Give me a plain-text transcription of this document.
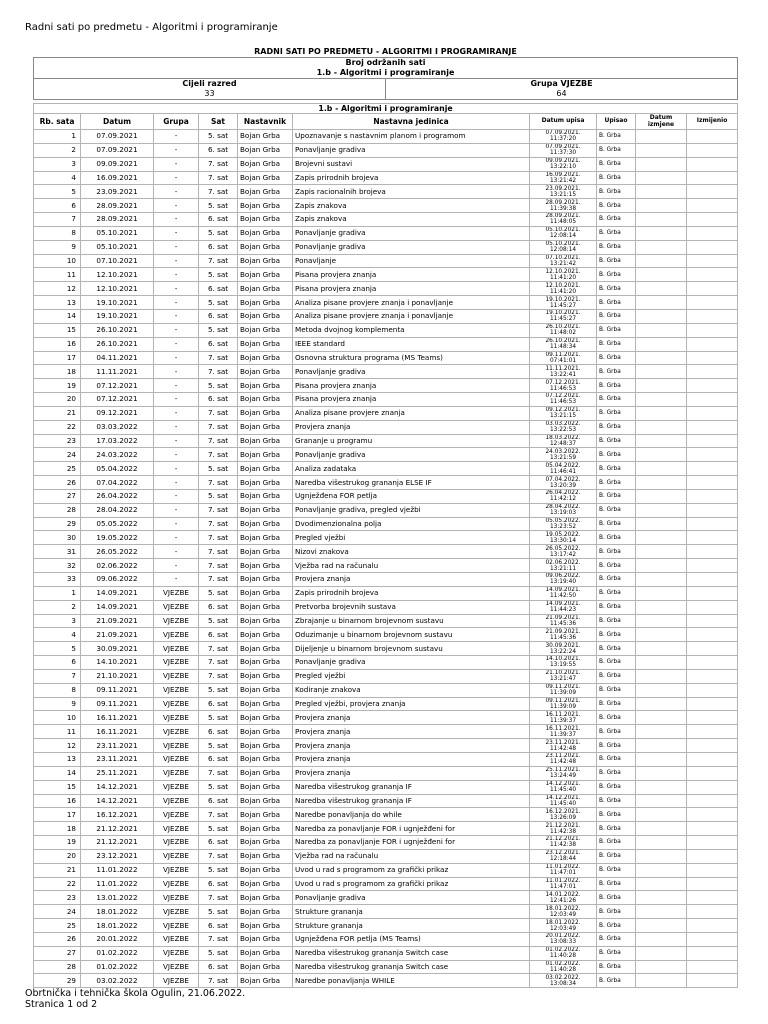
Radni sati po predmetu - Algoritmi i programiranje
RADNI SATI PO PREDMETU - ALGORITMI I PROGRAMIRANJE	
Broj održanih sati	
1.b - Algoritmi i programiranje	
Cijeli razred	Grupa VJEZBE
33	64
1.b - Algoritmi i programiranje									
Rb. sata	Datum	Grupa	Sat	Nastavnik	Nastavna jedinica	Datum upisa	Upisao	Datum izmjene	Izmijenio
1	07.09.2021	-	5. sat	Bojan Grba	Upoznavanje s nastavnim planom i programom	07.09.2021. 11:37:20	B. Grba		
2	07.09.2021	-	6. sat	Bojan Grba	Ponavljanje gradiva	07.09.2021. 11:37:30	B. Grba		
3	09.09.2021	-	7. sat	Bojan Grba	Brojevni sustavi	09.09.2021. 13:22:10	B. Grba		
4	16.09.2021	-	7. sat	Bojan Grba	Zapis prirodnih brojeva	16.09.2021. 13:21:42	B. Grba		
5	23.09.2021	-	7. sat	Bojan Grba	Zapis racionalnih brojeva	23.09.2021. 13:21:15	B. Grba		
6	28.09.2021	-	5. sat	Bojan Grba	Zapis znakova	28.09.2021. 11:39:38	B. Grba		
7	28.09.2021	-	6. sat	Bojan Grba	Zapis znakova	28.09.2021. 11:48:05	B. Grba		
8	05.10.2021	-	5. sat	Bojan Grba	Ponavljanje gradiva	05.10.2021. 12:08:14	B. Grba		
9	05.10.2021	-	6. sat	Bojan Grba	Ponavljanje gradiva	05.10.2021. 12:08:14	B. Grba		
10	07.10.2021	-	7. sat	Bojan Grba	Ponavljanje	07.10.2021. 13:21:42	B. Grba		
11	12.10.2021	-	5. sat	Bojan Grba	Pisana provjera znanja	12.10.2021. 11:41:20	B. Grba		
12	12.10.2021	-	6. sat	Bojan Grba	Pisana provjera znanja	12.10.2021. 11:41:20	B. Grba		
13	19.10.2021	-	5. sat	Bojan Grba	Analiza pisane provjere znanja i ponavljanje	19.10.2021. 11:45:27	B. Grba		
14	19.10.2021	-	6. sat	Bojan Grba	Analiza pisane provjere znanja i ponavljanje	19.10.2021. 11:45:27	B. Grba		
15	26.10.2021	-	5. sat	Bojan Grba	Metoda dvojnog komplementa	26.10.2021. 11:48:02	B. Grba		
16	26.10.2021	-	6. sat	Bojan Grba	IEEE standard	26.10.2021. 11:48:34	B. Grba		
17	04.11.2021	-	7. sat	Bojan Grba	Osnovna struktura programa (MS Teams)	09.11.2021. 07:41:01	B. Grba		
18	11.11.2021	-	7. sat	Bojan Grba	Ponavljanje gradiva	11.11.2021. 13:22:41	B. Grba		
19	07.12.2021	-	5. sat	Bojan Grba	Pisana provjera znanja	07.12.2021. 11:46:53	B. Grba		
20	07.12.2021	-	6. sat	Bojan Grba	Pisana provjera znanja	07.12.2021. 11:46:53	B. Grba		
21	09.12.2021	-	7. sat	Bojan Grba	Analiza pisane provjere znanja	09.12.2021. 13:21:15	B. Grba		
22	03.03.2022	-	7. sat	Bojan Grba	Provjera znanja	03.03.2022. 13:22:53	B. Grba		
23	17.03.2022	-	7. sat	Bojan Grba	Grananje u programu	18.03.2022. 12:48:37	B. Grba		
24	24.03.2022	-	7. sat	Bojan Grba	Ponavljanje gradiva	24.03.2022. 13:21:59	B. Grba		
25	05.04.2022	-	5. sat	Bojan Grba	Analiza zadataka	05.04.2022. 11:46:41	B. Grba		
26	07.04.2022	-	7. sat	Bojan Grba	Naredba višestrukog grananja ELSE IF	07.04.2022. 13:20:39	B. Grba		
27	26.04.2022	-	5. sat	Bojan Grba	Ugnježđena FOR petlja	26.04.2022. 11:42:12	B. Grba		
28	28.04.2022	-	7. sat	Bojan Grba	Ponavljanje gradiva, pregled vježbi	28.04.2022. 13:19:03	B. Grba		
29	05.05.2022	-	7. sat	Bojan Grba	Dvodimenzionalna polja	05.05.2022. 13:23:52	B. Grba		
30	19.05.2022	-	7. sat	Bojan Grba	Pregled vježbi	19.05.2022. 13:30:14	B. Grba		
31	26.05.2022	-	7. sat	Bojan Grba	Nizovi znakova	26.05.2022. 13:17:42	B. Grba		
32	02.06.2022	-	7. sat	Bojan Grba	Vježba rad na računalu	02.06.2022. 13:21:11	B. Grba		
33	09.06.2022	-	7. sat	Bojan Grba	Provjera znanja	09.06.2022. 13:19:40	B. Grba		
1	14.09.2021	VJEZBE	5. sat	Bojan Grba	Zapis prirodnih brojeva	14.09.2021. 11:42:50	B. Grba		
2	14.09.2021	VJEZBE	6. sat	Bojan Grba	Pretvorba brojevnih sustava	14.09.2021. 11:44:23	B. Grba		
3	21.09.2021	VJEZBE	5. sat	Bojan Grba	Zbrajanje u binarnom brojevnom sustavu	21.09.2021. 11:45:36	B. Grba		
4	21.09.2021	VJEZBE	6. sat	Bojan Grba	Oduzimanje u binarnom brojevnom sustavu	21.09.2021. 11:45:36	B. Grba		
5	30.09.2021	VJEZBE	7. sat	Bojan Grba	Dijeljenje u binarnom brojevnom sustavu	30.09.2021. 13:22:24	B. Grba		
6	14.10.2021	VJEZBE	7. sat	Bojan Grba	Ponavljanje gradiva	14.10.2021. 13:19:55	B. Grba		
7	21.10.2021	VJEZBE	7. sat	Bojan Grba	Pregled vježbi	21.10.2021. 13:21:47	B. Grba		
8	09.11.2021	VJEZBE	5. sat	Bojan Grba	Kodiranje znakova	09.11.2021. 11:39:09	B. Grba		
9	09.11.2021	VJEZBE	6. sat	Bojan Grba	Pregled vježbi, provjera znanja	09.11.2021. 11:39:09	B. Grba		
10	16.11.2021	VJEZBE	5. sat	Bojan Grba	Provjera znanja	16.11.2021. 11:39:37	B. Grba		
11	16.11.2021	VJEZBE	6. sat	Bojan Grba	Provjera znanja	16.11.2021. 11:39:37	B. Grba		
12	23.11.2021	VJEZBE	5. sat	Bojan Grba	Provjera znanja	23.11.2021. 11:42:48	B. Grba		
13	23.11.2021	VJEZBE	6. sat	Bojan Grba	Provjera znanja	23.11.2021. 11:42:48	B. Grba		
14	25.11.2021	VJEZBE	7. sat	Bojan Grba	Provjera znanja	25.11.2021. 13:24:49	B. Grba		
15	14.12.2021	VJEZBE	5. sat	Bojan Grba	Naredba višestrukog grananja IF	14.12.2021. 11:45:40	B. Grba		
16	14.12.2021	VJEZBE	6. sat	Bojan Grba	Naredba višestrukog grananja IF	14.12.2021. 11:45:40	B. Grba		
17	16.12.2021	VJEZBE	7. sat	Bojan Grba	Naredbe ponavljanja do while	16.12.2021. 13:26:09	B. Grba		
18	21.12.2021	VJEZBE	5. sat	Bojan Grba	Naredba za ponavljanje FOR i ugnježđeni for	21.12.2021. 11:42:38	B. Grba		
19	21.12.2021	VJEZBE	6. sat	Bojan Grba	Naredba za ponavljanje FOR i ugnježđeni for	21.12.2021. 11:42:38	B. Grba		
20	23.12.2021	VJEZBE	7. sat	Bojan Grba	Vježba rad na računalu	23.12.2021. 12:18:44	B. Grba		
21	11.01.2022	VJEZBE	5. sat	Bojan Grba	Uvod u rad s programom za grafički prikaz	11.01.2022. 11:47:01	B. Grba		
22	11.01.2022	VJEZBE	6. sat	Bojan Grba	Uvod u rad s programom za grafički prikaz	11.01.2022. 11:47:01	B. Grba		
23	13.01.2022	VJEZBE	7. sat	Bojan Grba	Ponavljanje gradiva	14.01.2022. 12:41:26	B. Grba		
24	18.01.2022	VJEZBE	5. sat	Bojan Grba	Strukture grananja	18.01.2022. 12:03:49	B. Grba		
25	18.01.2022	VJEZBE	6. sat	Bojan Grba	Strukture grananja	18.01.2022. 12:03:49	B. Grba		
26	20.01.2022	VJEZBE	7. sat	Bojan Grba	Ugnježđena FOR petlja (MS Teams)	20.01.2022. 13:08:33	B. Grba		
27	01.02.2022	VJEZBE	5. sat	Bojan Grba	Naredba višestrukog grananja Switch case	01.02.2022. 11:40:28	B. Grba		
28	01.02.2022	VJEZBE	6. sat	Bojan Grba	Naredba višestrukog grananja Switch case	01.02.2022. 11:40:28	B. Grba		
29	03.02.2022	VJEZBE	7. sat	Bojan Grba	Naredbe ponavljanja WHILE	03.02.2022. 13:08:34	B. Grba		
Obrtnička i tehnička škola Ogulin, 21.06.2022.
Stranica 1 od 2
